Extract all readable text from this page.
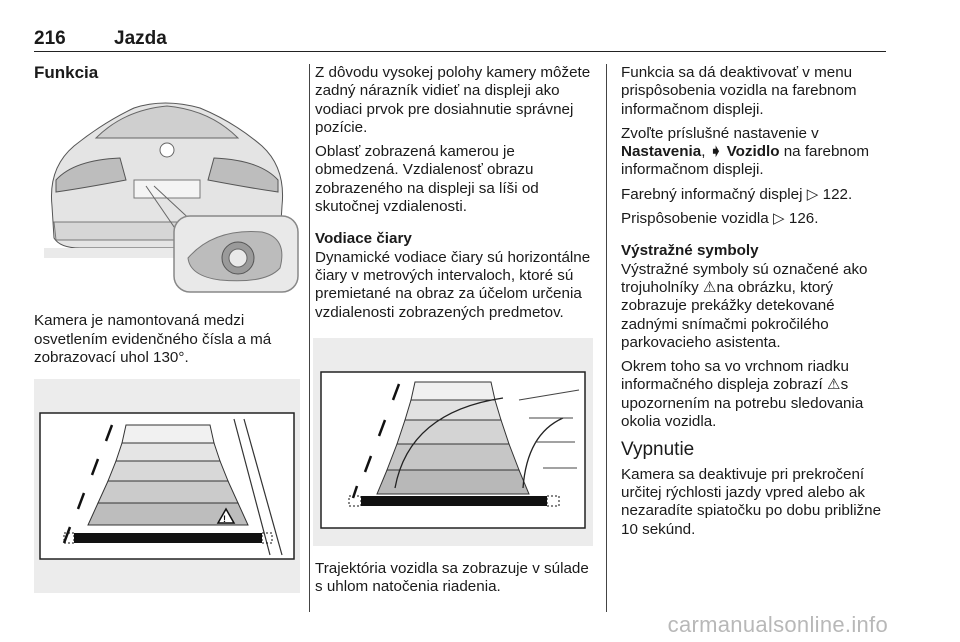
216	Jazda
Funkcia

Kamera je namontovaná medzi osvetlením evidenčného čísla a má zobrazovací uhol 130°.

!

Z dôvodu vysokej polohy kamery môžete zadný nárazník vidieť na displeji ako vodiaci prvok pre dosiahnutie správnej pozície.

Oblasť zobrazená kamerou je obmedzená. Vzdialenosť obrazu zobrazeného na displeji sa líši od skutočnej vzdialenosti.

Vodiace čiary

Dynamické vodiace čiary sú horizontálne čiary v metrových intervaloch, ktoré sú premietané na obraz za účelom určenia vzdialenosti zobrazených predmetov.

Trajektória vozidla sa zobrazuje v súlade s uhlom natočenia riadenia.

Funkcia sa dá deaktivovať v menu prispôsobenia vozidla na farebnom informačnom displeji.

Zvoľte príslušné nastavenie v Nastavenia, ➧ Vozidlo na farebnom informačnom displeji.

Farebný informačný displej ▷ 122.

Prispôsobenie vozidla ▷ 126.

Výstražné symboly

Výstražné symboly sú označené ako trojuholníky ⚠na obrázku, ktorý zobrazuje prekážky detekované zadnými snímačmi pokročilého parkovacieho asistenta.

Okrem toho sa vo vrchnom riadku informačného displeja zobrazí ⚠s upozornením na potrebu sledovania okolia vozidla.

Vypnutie

Kamera sa deaktivuje pri prekročení určitej rýchlosti jazdy vpred alebo ak nezaradíte spiatočku po dobu približne 10 sekúnd.

carmanualsonline.info
